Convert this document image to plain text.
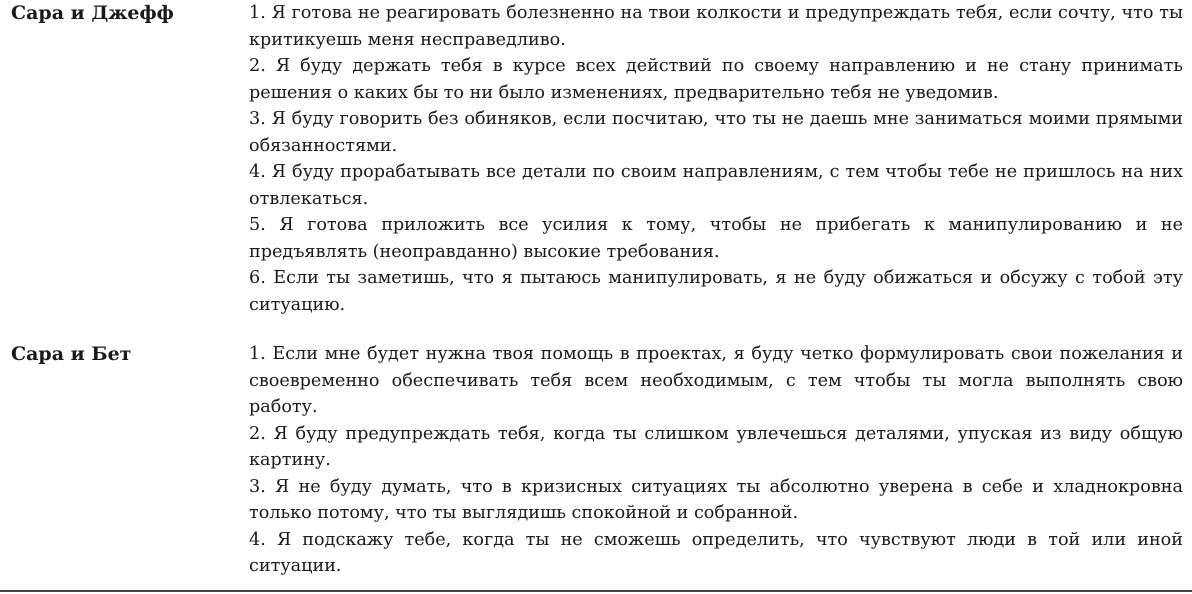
Сара и Джефф	1. Я готова не реагировать болезненно на твои колкости и предупреждать тебя, если сочту, что ты критикуешь меня несправедливо.

2. Я буду держать тебя в курсе всех действий по своему направлению и не стану принимать решения о каких бы то ни было изменениях, предварительно тебя не уведомив.

3. Я буду говорить без обиняков, если посчитаю, что ты не даешь мне заниматься моими прямыми обязанностями.

4. Я буду прорабатывать все детали по своим направлениям, с тем чтобы тебе не пришлось на них отвлекаться.

5. Я готова приложить все усилия к тому, чтобы не прибегать к манипулированию и не предъявлять (неоправданно) высокие требования.

6. Если ты заметишь, что я пытаюсь манипулировать, я не буду обижаться и обсужу с тобой эту ситуацию.

Сара и Бет	1. Если мне будет нужна твоя помощь в проектах, я буду четко формулировать свои пожелания и своевременно обеспечивать тебя всем необходимым, с тем чтобы ты могла выполнять свою работу.

2. Я буду предупреждать тебя, когда ты слишком увлечешься деталями, упуская из виду общую картину.

3. Я не буду думать, что в кризисных ситуациях ты абсолютно уверена в себе и хладнокровна только потому, что ты выглядишь спокойной и собранной.

4. Я подскажу тебе, когда ты не сможешь определить, что чувствуют люди в той или иной ситуации.
